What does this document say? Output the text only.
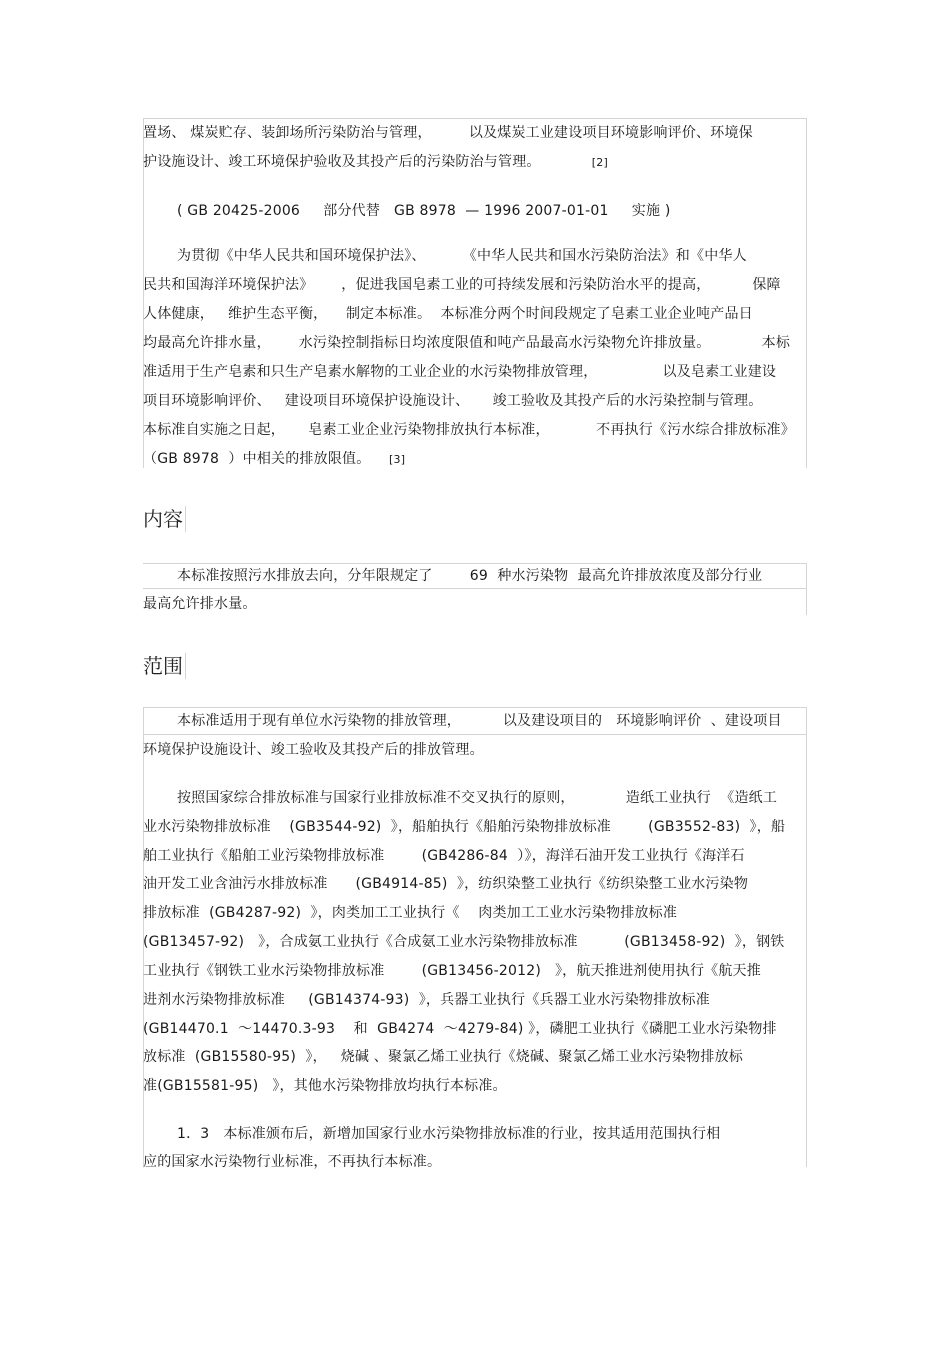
置场、 煤炭贮存、装卸场所污染防治与管理，        以及煤炭工业建设项目环境影响评价、环境保
护设施设计、竣工环境保护验收及其投产后的污染防治与管理。	[2]
( GB 20425-2006     部分代替   GB 8978  — 1996 2007-01-01     实施 )
为贯彻《中华人民共和国环境保护法》、        《中华人民共和国水污染防治法》和《中华人
民共和国海洋环境保护法》      ，促进我国皂素工业的可持续发展和污染防治水平的提高，         保障
人体健康，   维护生态平衡，    制定本标准。  本标准分两个时间段规定了皂素工业企业吨产品日
均最高允许排水量，      水污染控制指标日均浓度限值和吨产品最高水污染物允许排放量。           本标
准适用于生产皂素和只生产皂素水解物的工业企业的水污染物排放管理，              以及皂素工业建设
项目环境影响评价、   建设项目环境保护设施设计、     竣工验收及其投产后的水污染控制与管理。
本标准自实施之日起，     皂素工业企业污染物排放执行本标准，          不再执行《污水综合排放标准》
（GB 8978  ）中相关的排放限值。 [3]
内容
本标准按照污水排放去向，分年限规定了        69  种水污染物  最高允许排放浓度及部分行业
最高允许排水量。
范围
本标准适用于现有单位水污染物的排放管理，         以及建设项目的   环境影响评价  、建设项目
环境保护设施设计、竣工验收及其投产后的排放管理。
按照国家综合排放标准与国家行业排放标准不交叉执行的原则，           造纸工业执行  《造纸工
业水污染物排放标准    (GB3544-92)  》，船舶执行《船舶污染物排放标准        (GB3552-83)  》，船
舶工业执行《船舶工业污染物排放标准        (GB4286-84  ）》，海洋石油开发工业执行《海洋石
油开发工业含油污水排放标准      (GB4914-85)  》，纺织染整工业执行《纺织染整工业水污染物
排放标准  (GB4287-92)  》，肉类加工工业执行《    肉类加工工业水污染物排放标准
(GB13457-92)   》，合成氨工业执行《合成氨工业水污染物排放标准          (GB13458-92)  》，钢铁
工业执行《钢铁工业水污染物排放标准        (GB13456-2012)   》，航天推进剂使用执行《航天推
进剂水污染物排放标准     (GB14374-93)  》，兵器工业执行《兵器工业水污染物排放标准
(GB14470.1  ～14470.3-93    和  GB4274  ～4279-84) 》，磷肥工业执行《磷肥工业水污染物排
放标准  (GB15580-95)  》，   烧碱 、聚氯乙烯工业执行《烧碱、聚氯乙烯工业水污染物排放标
准(GB15581-95)   》，其他水污染物排放均执行本标准。
1．3   本标准颁布后，新增加国家行业水污染物排放标准的行业，按其适用范围执行相
应的国家水污染物行业标准，不再执行本标准。
